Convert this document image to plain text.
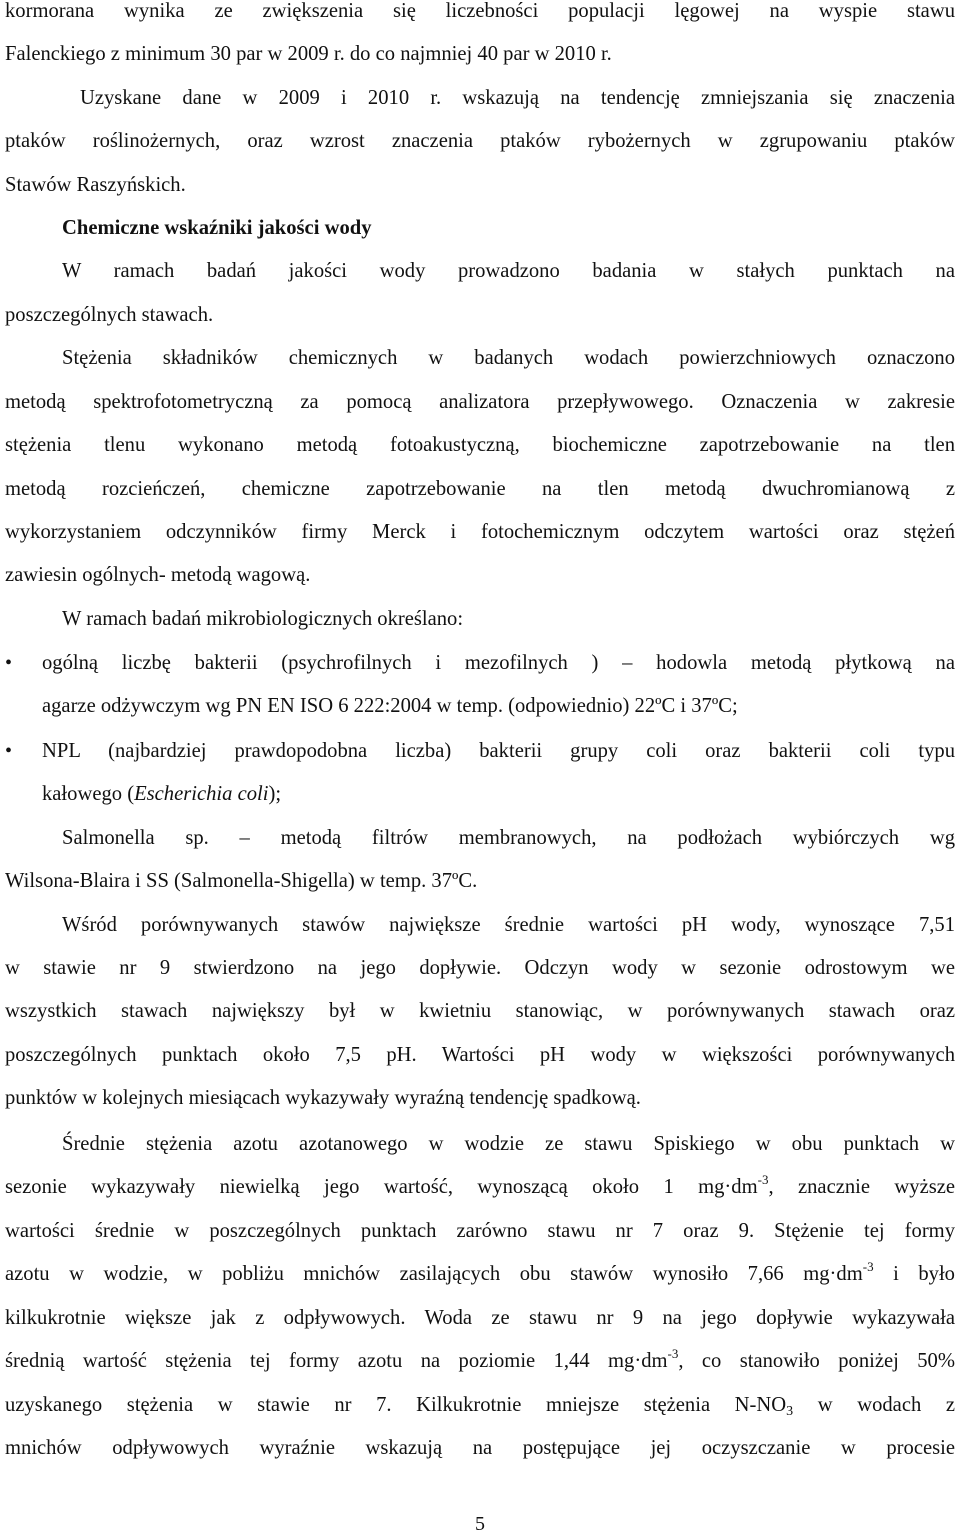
kormorana wynika ze zwiększenia się liczebności populacji lęgowej na wyspie stawu
Falenckiego z minimum 30 par w 2009 r. do co najmniej 40 par w 2010 r.
Uzyskane dane w 2009 i 2010 r. wskazują na tendencję zmniejszania się znaczenia
ptaków roślinożernych, oraz wzrost znaczenia ptaków rybożernych w zgrupowaniu ptaków
Stawów Raszyńskich.
Chemiczne wskaźniki jakości wody
W ramach badań jakości wody prowadzono badania w stałych punktach na
poszczególnych stawach.
Stężenia składników chemicznych w badanych wodach powierzchniowych oznaczono
metodą spektrofotometryczną za pomocą analizatora przepływowego. Oznaczenia w zakresie
stężenia tlenu wykonano metodą fotoakustyczną, biochemiczne zapotrzebowanie na tlen
metodą rozcieńczeń, chemiczne zapotrzebowanie na tlen metodą dwuchromianową z
wykorzystaniem odczynników firmy Merck i fotochemicznym odczytem wartości oraz stężeń
zawiesin ogólnych- metodą wagową.
W ramach badań mikrobiologicznych określano:
• ogólną liczbę bakterii (psychrofilnych i mezofilnych ) – hodowla metodą płytkową na
agarze odżywczym wg PN EN ISO 6 222:2004 w temp. (odpowiednio) 22ºC i 37ºC;
• NPL (najbardziej prawdopodobna liczba) bakterii grupy coli oraz bakterii coli typu
kałowego (Escherichia coli);
Salmonella sp. – metodą filtrów membranowych, na podłożach wybiórczych wg
Wilsona-Blaira i SS (Salmonella-Shigella) w temp. 37ºC.
Wśród porównywanych stawów największe średnie wartości pH wody, wynoszące 7,51
w stawie nr 9 stwierdzono na jego dopływie. Odczyn wody w sezonie odrostowym we
wszystkich stawach największy był w kwietniu stanowiąc, w porównywanych stawach oraz
poszczególnych punktach około 7,5 pH. Wartości pH wody w większości porównywanych
punktów w kolejnych miesiącach wykazywały wyraźną tendencję spadkową.
Średnie stężenia azotu azotanowego w wodzie ze stawu Spiskiego w obu punktach w
sezonie wykazywały niewielką jego wartość, wynoszącą około 1 $mg\cdot dm^{-3}$, znacznie wyższe
wartości średnie w poszczególnych punktach zarówno stawu nr 7 oraz 9. Stężenie tej formy
azotu w wodzie, w pobliżu mnichów zasilających obu stawów wynosiło 7,66 $mg\cdot dm^{-3}$ i było
kilkukrotnie większe jak z odpływowych. Woda ze stawu nr 9 na jego dopływie wykazywała
średnią wartość stężenia tej formy azotu na poziomie 1,44 $mg\cdot dm^{-3}$, co stanowiło poniżej 50%
uzyskanego stężenia w stawie nr 7. Kilkukrotnie mniejsze stężenia $N-NO_3$ w wodach z
mnichów odpływowych wyraźnie wskazują na postępujące jej oczyszczanie w procesie
5
